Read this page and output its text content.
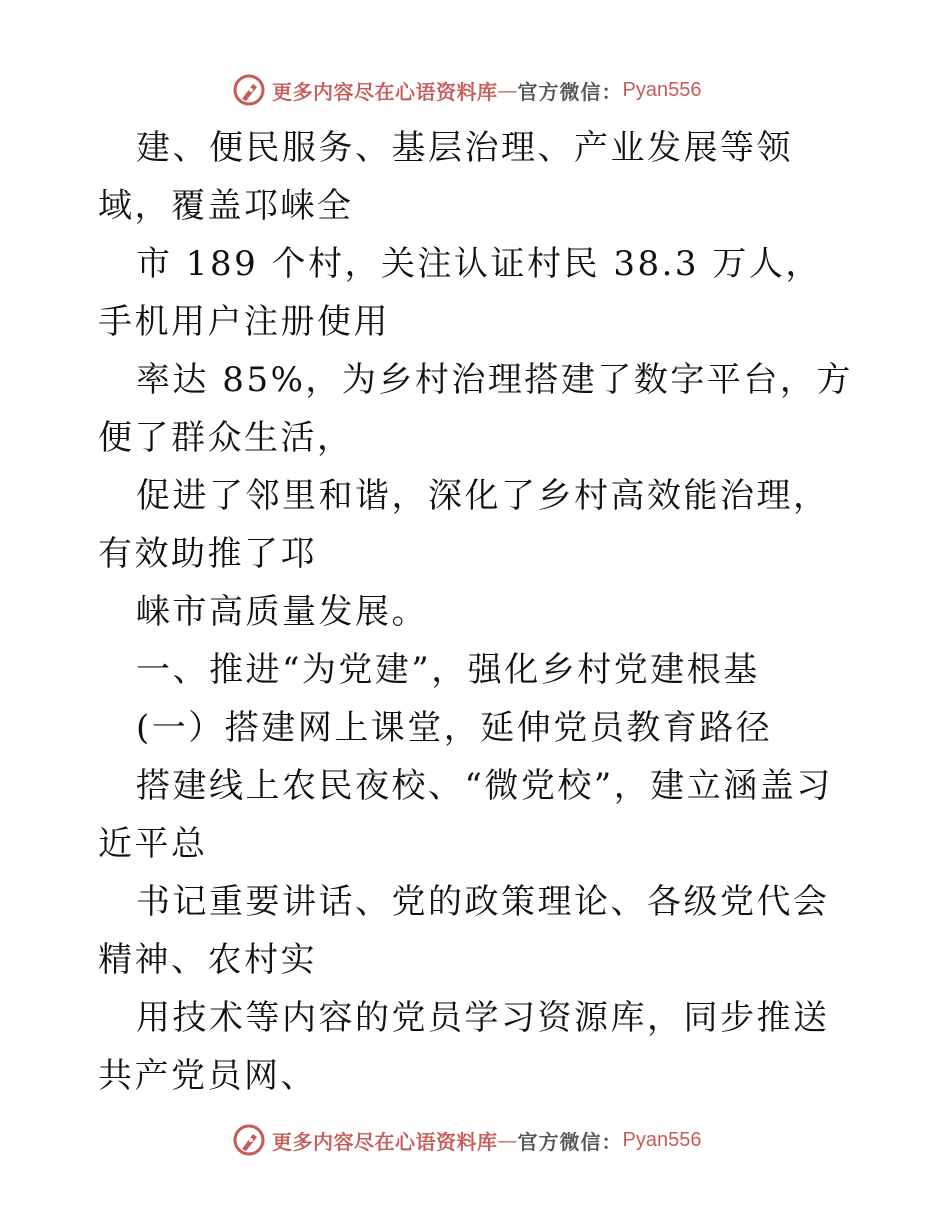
更多内容尽在心语资料库 — 官方微信： Pyan556

建、便民服务、基层治理、产业发展等领域，覆盖邛崃全

市 189 个村，关注认证村民 38.3 万人，手机用户注册使用

率达 85%，为乡村治理搭建了数字平台，方便了群众生活，

促进了邻里和谐，深化了乡村高效能治理，有效助推了邛

崃市高质量发展。

一、推进“为党建”，强化乡村党建根基

(一）搭建网上课堂，延伸党员教育路径

搭建线上农民夜校、“微党校”，建立涵盖习近平总

书记重要讲话、党的政策理论、各级党代会精神、农村实

用技术等内容的党员学习资源库，同步推送共产党员网、

更多内容尽在心语资料库 — 官方微信： Pyan556
